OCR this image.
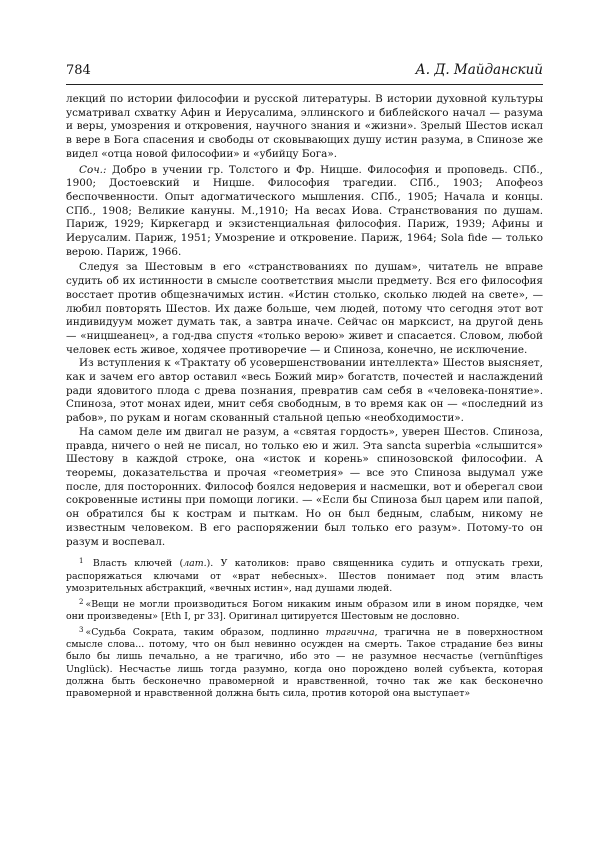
784	А. Д. Майданский

лекций по истории философии и русской литературы. В истории духовной культуры усматривал схватку Афин и Иерусалима, эллинского и библейского начал — разума и веры, умозрения и откровения, научного знания и «жизни». Зрелый Шестов искал в вере в Бога спасения и свободы от сковывающих душу истин разума, в Спинозе же видел «отца новой философии» и «убийцу Бога».

Соч.: Добро в учении гр. Толстого и Фр. Ницше. Философия и проповедь. СПб., 1900; Достоевский и Ницше. Философия трагедии. СПб., 1903; Апофеоз беспочвенности. Опыт адогматического мышления. СПб., 1905; Начала и концы. СПб., 1908; Великие кануны. М.,1910; На весах Иова. Странствования по душам. Париж, 1929; Киркегард и экзистенциальная философия. Париж, 1939; Афины и Иерусалим. Париж, 1951; Умозрение и откровение. Париж, 1964; Sola fide — только верою. Париж, 1966.

Следуя за Шестовым в его «странствованиях по душам», читатель не вправе судить об их истинности в смысле соответствия мысли предмету. Вся его философия восстает против общезначимых истин. «Истин столько, сколько людей на свете», — любил повторять Шестов. Их даже больше, чем людей, потому что сегодня этот вот индивидуум может думать так, а завтра иначе. Сейчас он марксист, на другой день — «ницшеанец», а год-два спустя «только верою» живет и спасается. Словом, любой человек есть живое, ходячее противоречие — и Спиноза, конечно, не исключение.

Из вступления к «Трактату об усовершенствовании интеллекта» Шестов выясняет, как и зачем его автор оставил «весь Божий мир» богатств, почестей и наслаждений ради ядовитого плода с древа познания, превратив сам себя в «человека-понятие». Спиноза, этот монах идеи, мнит себя свободным, в то время как он — «последний из рабов», по рукам и ногам скованный стальной цепью «необходимости».

На самом деле им двигал не разум, а «святая гордость», уверен Шестов. Спиноза, правда, ничего о ней не писал, но только ею и жил. Эта sancta superbia «слышится» Шестову в каждой строке, она «исток и корень» спинозовской философии. А теоремы, доказательства и прочая «геометрия» — все это Спиноза выдумал уже после, для посторонних. Философ боялся недоверия и насмешки, вот и оберегал свои сокровенные истины при помощи логики. — «Если бы Спиноза был царем или папой, он обратился бы к кострам и пыткам. Но он был бедным, слабым, никому не известным человеком. В его распоряжении был только его разум». Потому-то он разум и воспевал.

$^1$ Власть ключей (лат.). У католиков: право священника судить и отпускать грехи, распоряжаться ключами от «врат небесных». Шестов понимает под этим власть умозрительных абстракций, «вечных истин», над душами людей.

$^2$ «Вещи не могли производиться Богом никаким иным образом или в ином порядке, чем они произведены» [Eth I, pr 33]. Оригинал цитируется Шестовым не дословно.

$^3$ «Судьба Сократа, таким образом, подлинно трагична, трагична не в поверхностном смысле слова... потому, что он был невинно осужден на смерть. Такое страдание без вины было бы лишь печально, а не трагично, ибо это — не разумное несчастье (vernünftiges Unglück). Несчастье лишь тогда разумно, когда оно порождено волей субъекта, которая должна быть бесконечно правомерной и нравственной, точно так же как бесконечно правомерной и нравственной должна быть сила, против которой она выступает»
